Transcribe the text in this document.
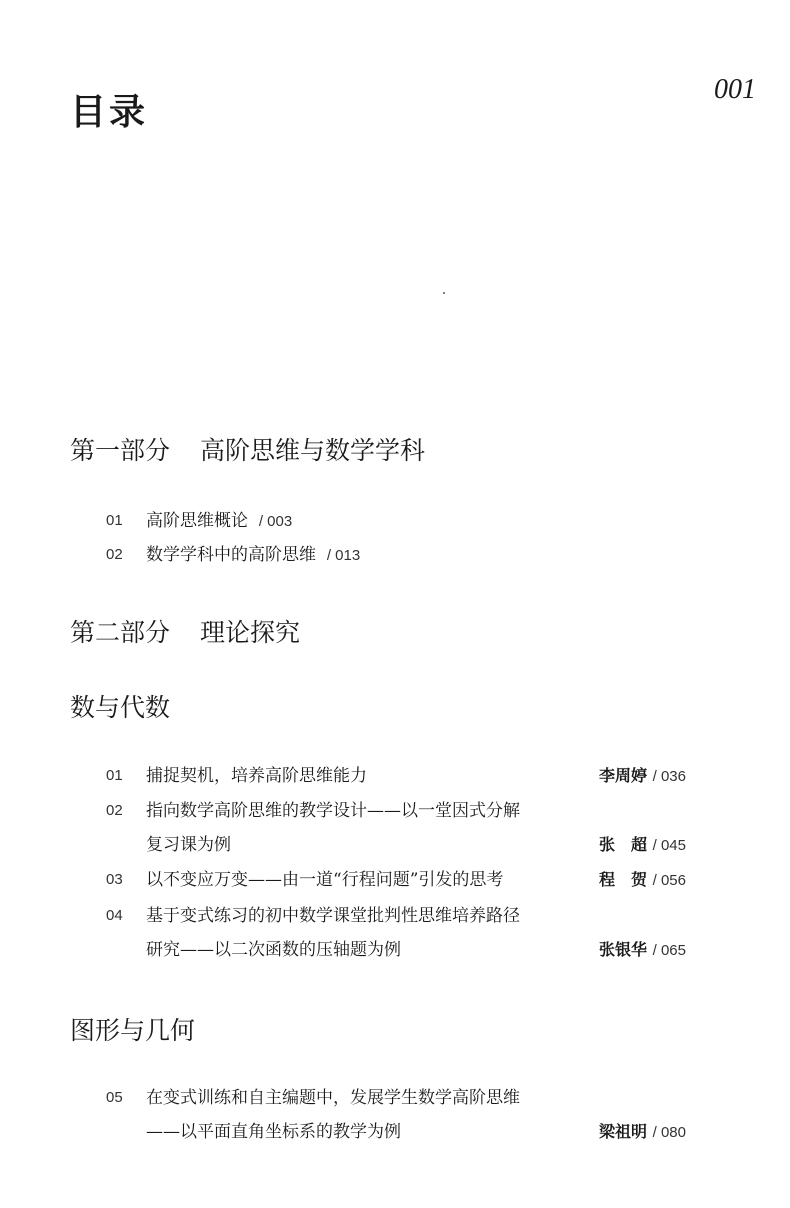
目录
001
第一部分 高阶思维与数学学科
01 高阶思维概论 / 003
02 数学学科中的高阶思维 / 013
第二部分 理论探究
数与代数
01 捕捉契机，培养高阶思维能力	李周婷 / 036
02 指向数学高阶思维的教学设计——以一堂因式分解
复习课为例	张　超 / 045
03 以不变应万变——由一道“行程问题”引发的思考	程　贺 / 056
04 基于变式练习的初中数学课堂批判性思维培养路径
研究——以二次函数的压轴题为例	张银华 / 065
图形与几何
05 在变式训练和自主编题中，发展学生数学高阶思维
——以平面直角坐标系的教学为例	梁祖明 / 080
